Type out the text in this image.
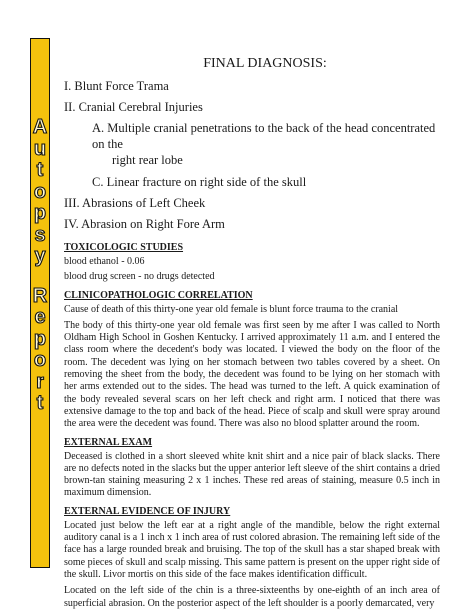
A
u
t
o
p
s
y
R
e
p
o
r
t
FINAL DIAGNOSIS:
I. Blunt Force Trama
II. Cranial Cerebral Injuries
A. Multiple cranial penetrations to the back of the head concentrated on the
right rear lobe
C. Linear fracture on right side of the skull
III. Abrasions of Left Cheek
IV. Abrasion on Right Fore Arm
TOXICOLOGIC STUDIES
blood ethanol - 0.06
blood drug screen - no drugs detected
CLINICOPATHOLOGIC CORRELATION
Cause of death of this thirty-one year old female is blunt force trauma to the cranial
The body of this thirty-one year old female was first seen by me after I was called to North Oldham High School in Goshen Kentucky. I arrived approximately 11 a.m. and I entered the class room where the decedent's body was located. I viewed the body on the floor of the room. The decedent was lying on her stomach between two tables covered by a sheet. On removing the sheet from the body, the decedent was found to be lying on her stomach with her arms extended out to the sides. The head was turned to the left. A quick examination of the body revealed several scars on her left check and right arm. I noticed that there was extensive damage to the top and back of the head. Piece of scalp and skull were spray around the area were the decedent was found. There was also no blood splatter around the room.
EXTERNAL EXAM
Deceased is clothed in a short sleeved white knit shirt and a nice pair of black slacks. There are no defects noted in the slacks but the upper anterior left sleeve of the shirt contains a dried brown-tan staining measuring 2 x 1 inches. These red areas of staining, measure 0.5 inch in maximum dimension.
EXTERNAL EVIDENCE OF INJURY
Located just below the left ear at a right angle of the mandible, below the right external auditory canal is a 1 inch x 1 inch area of rust colored abrasion. The remaining left side of the face has a large rounded break and bruising. The top of the skull has a star shaped break with some pieces of skull and scalp missing. This same pattern is present on the upper right side of the skull. Livor mortis on this side of the face makes identification difficult.
Located on the left side of the chin is a three-sixteenths by one-eighth of an inch area of superficial abrasion. On the posterior aspect of the left shoulder is a poorly demarcated, very
